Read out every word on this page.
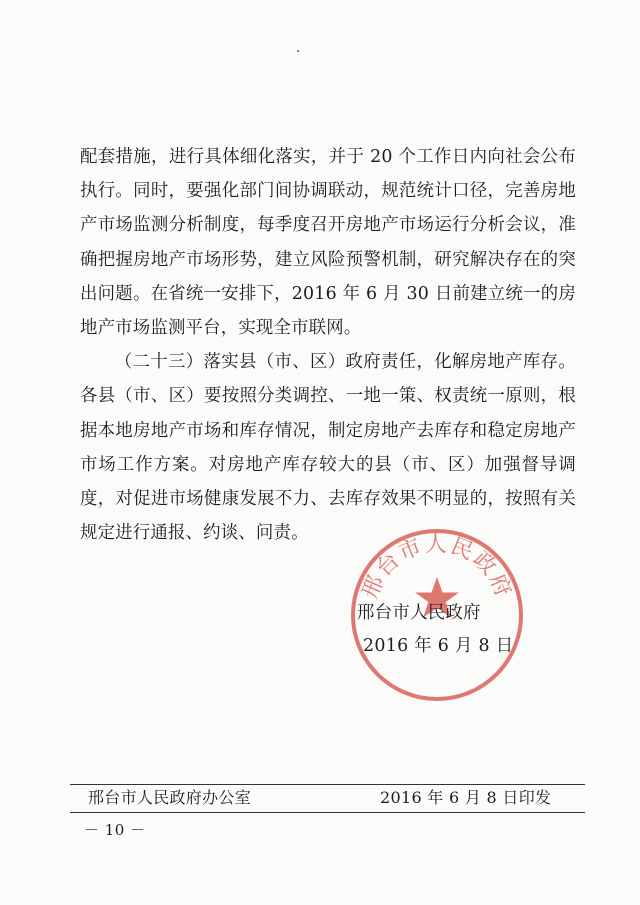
配套措施，进行具体细化落实，并于 20 个工作日内向社会公布执行。同时，要强化部门间协调联动，规范统计口径，完善房地产市场监测分析制度，每季度召开房地产市场运行分析会议，准确把握房地产市场形势，建立风险预警机制，研究解决存在的突出问题。在省统一安排下，2016 年 6 月 30 日前建立统一的房地产市场监测平台，实现全市联网。

（二十三）落实县（市、区）政府责任，化解房地产库存。各县（市、区）要按照分类调控、一地一策、权责统一原则，根据本地房地产市场和库存情况，制定房地产去库存和稳定房地产市场工作方案。对房地产库存较大的县（市、区）加强督导调度，对促进市场健康发展不力、去库存效果不明显的，按照有关规定进行通报、约谈、问责。

邢台市人民政府
邢台市人民政府
2016 年 6 月 8 日
邢台市人民政府办公室	2016 年 6 月 8 日印发
－ 10 －
